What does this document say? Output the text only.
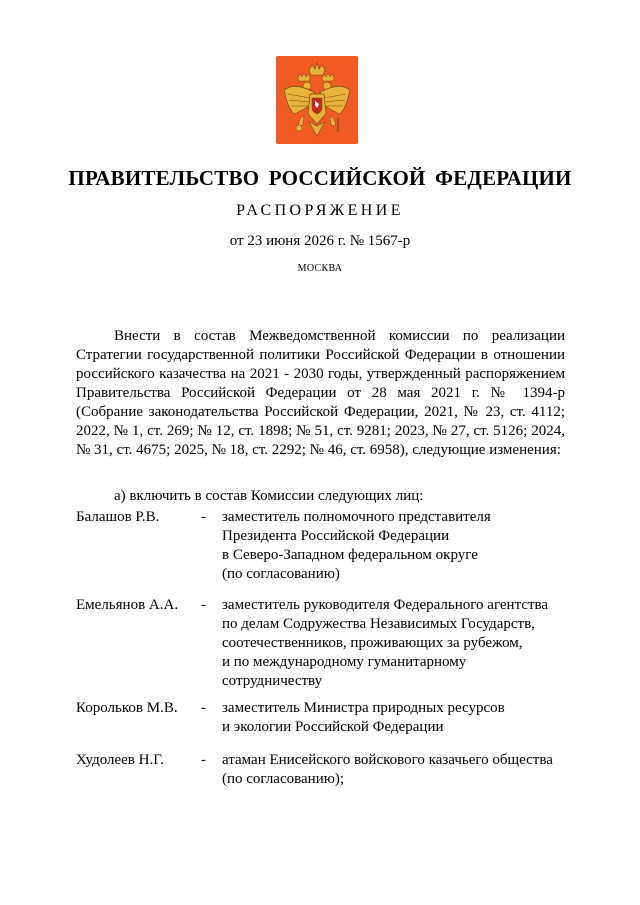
ПРАВИТЕЛЬСТВО РОССИЙСКОЙ ФЕДЕРАЦИИ
РАСПОРЯЖЕНИЕ
от 23 июня 2026 г. № 1567-р
МОСКВА

Внести в состав Межведомственной комиссии по реализации Стратегии государственной политики Российской Федерации в отношении российского казачества на 2021 - 2030 годы, утвержденный распоряжением Правительства Российской Федерации от 28 мая 2021 г. № 1394-р (Собрание законодательства Российской Федерации, 2021, № 23, ст. 4112; 2022, № 1, ст. 269; № 12, ст. 1898; № 51, ст. 9281; 2023, № 27, ст. 5126; 2024, № 31, ст. 4675; 2025, № 18, ст. 2292; № 46, ст. 6958), следующие изменения:

а) включить в состав Комиссии следующих лиц:
Балашов Р.В.	-	заместитель полномочного представителя
Президента Российской Федерации
в Северо-Западном федеральном округе
(по согласованию)
Емельянов А.А.	-	заместитель руководителя Федерального агентства
по делам Содружества Независимых Государств,
соотечественников, проживающих за рубежом,
и по международному гуманитарному
сотрудничеству
Корольков М.В.	-	заместитель Министра природных ресурсов
и экологии Российской Федерации
Худолеев Н.Г.	-	атаман Енисейского войскового казачьего общества
(по согласованию);
